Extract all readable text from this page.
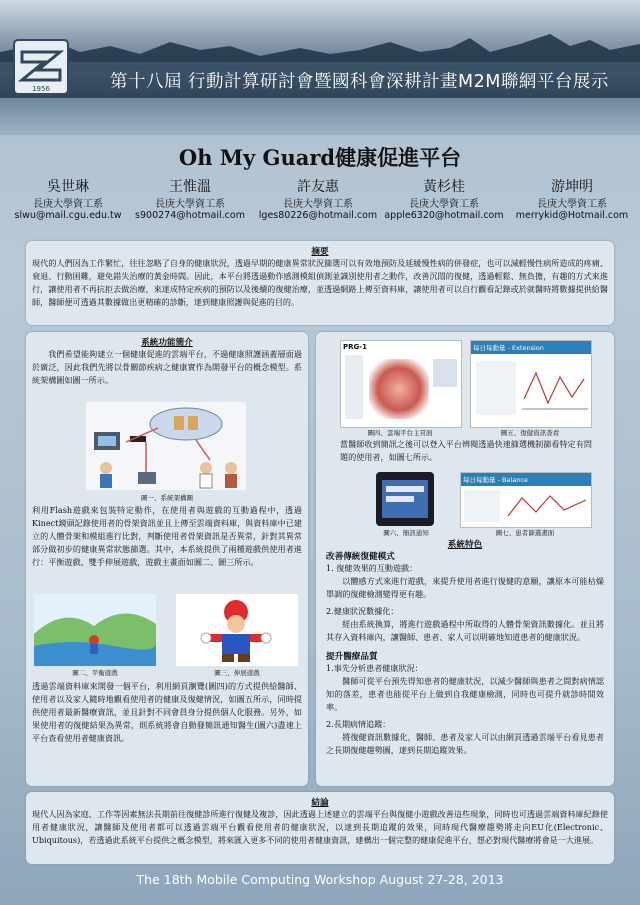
第十八屆 行動計算研討會暨國科會深耕計畫M2M聯網平台展示
1956
Oh My Guard健康促進平台
吳世琳
長庚大學資工系
slwu@mail.cgu.edu.tw
王惟溫
長庚大學資工系
s900274@hotmail.com
許友惠
長庚大學資工系
lges80226@hotmail.com
黃杉桂
長庚大學資工系
apple6320@hotmail.com
游坤明
長庚大學資工系
merrykid@Hotmail.com
摘要

現代的人們因為工作繁忙，往往忽略了自身的健康狀況，透過早期的健康異常狀況篩選可以有效地預防及延緩慢性病的併發症，也可以減輕慢性病所造成的疼痛、衰退、行動困難，避免錯失治療的黃金時間。因此，本平台將透過動作感測模組偵測並識別使用者之動作，改善沉悶的復健，透過輕鬆、無負擔，有趣的方式來進行，讓使用者不再抗拒去做治療，來達成特定疾病的預防以及後續的復健治療，並透過網路上傳至資料庫，讓使用者可以自行觀看記錄或於就醫時將數據提供給醫師，醫師便可透過其數據做出更精確的診斷，達到健康照護與促進的目的。

系統功能簡介

我們希望能夠建立一個健康促進的雲端平台，不過健康照護涵蓋層面過於廣泛，因此我們先將以骨關節疾病之健康實作為開發平台的概念模型。系統架構圖如圖一所示。

圖一、系統架構圖

利用Flash遊戲來包裝特定動作，在使用者與遊戲的互動過程中，透過Kinect鏡頭記錄使用者的骨架資訊並且上傳至雲端資料庫，與資料庫中已建立的人體骨架和模組進行比對，判斷使用者骨架資訊是否異常，針對其異常部分做初步的健康異常狀態篩選。其中，本系統提供了兩種遊戲供使用者進行：平衡遊戲、雙手伸展遊戲，遊戲主畫面如圖二、圖三所示。

圖二、平衡遊戲	圖三、伸展遊戲

透過雲端資料庫來開發一個平台，利用網頁瀏覽(圖四)的方式提供給醫師、使用者以及家人隨時地觀看使用者的健康及復健情況，如圖五所示，同時提供使用者最新醫療資訊，並且針對不同會員身分提供個人化服務。另外，如果使用者的復健結果為異常，則系統將會自動發簡訊通知醫生(圖六)盡速上平台查看使用者健康資訊。

PRG-1	每日每動量 - Extension
圖四、雲端平台主頁面	圖五、復健資訊查看

當醫師收到簡訊之後可以登入平台辨閱透過快速篩選機制篩看特定有問題的使用者，如圖七所示。

每日每動量 - Balance
圖六、簡訊通知	圖七、患者篩選畫面
系統特色
改善傳統復健模式
1. 復健效果的互動遊戲：

以體感方式來進行遊戲，來提升使用者進行復健的意願，讓原本可能枯燥單調的復健檢測變得更有趣。

2.健康狀況數據化：

經由系統換算，將進行遊戲過程中所取得的人體骨架資訊數據化。並且將其存入資料庫內，讓醫師、患者、家人可以明確地知道患者的健康狀況。

提升醫療品質
1.事先分析患者健康狀況：

醫師可從平台預先得知患者的健康狀況，以減少醫師與患者之間對病情認知的落差，患者也能從平台上做到自我健康檢測，同時也可提升就診時間效率。

2.長期病情追蹤：

將復健資訊數據化，醫師、患者及家人可以由網頁透過雲端平台看見患者之長期復健趨勢圖，達到長期追蹤效果。

結論

現代人因為家庭、工作等因素無法長期前往復健診所進行復健及複診，因此透過上述建立的雲端平台與復健小遊戲改善這些現象，同時也可透過雲端資料庫紀錄使用者健康狀況，讓醫師及使用者都可以透過雲端平台觀看使用者的健康狀況，以達到長期追蹤的效果，同時現代醫療趨勢將走向EU化(Electronic、Ubiquitous)，若透過此系統平台提供之概念模型，將來匯入更多不同的使用者健康資訊，建構出一個完整的健康促進平台，想必對現代醫療將會是一大進展。

The 18th Mobile Computing Workshop August 27-28, 2013
